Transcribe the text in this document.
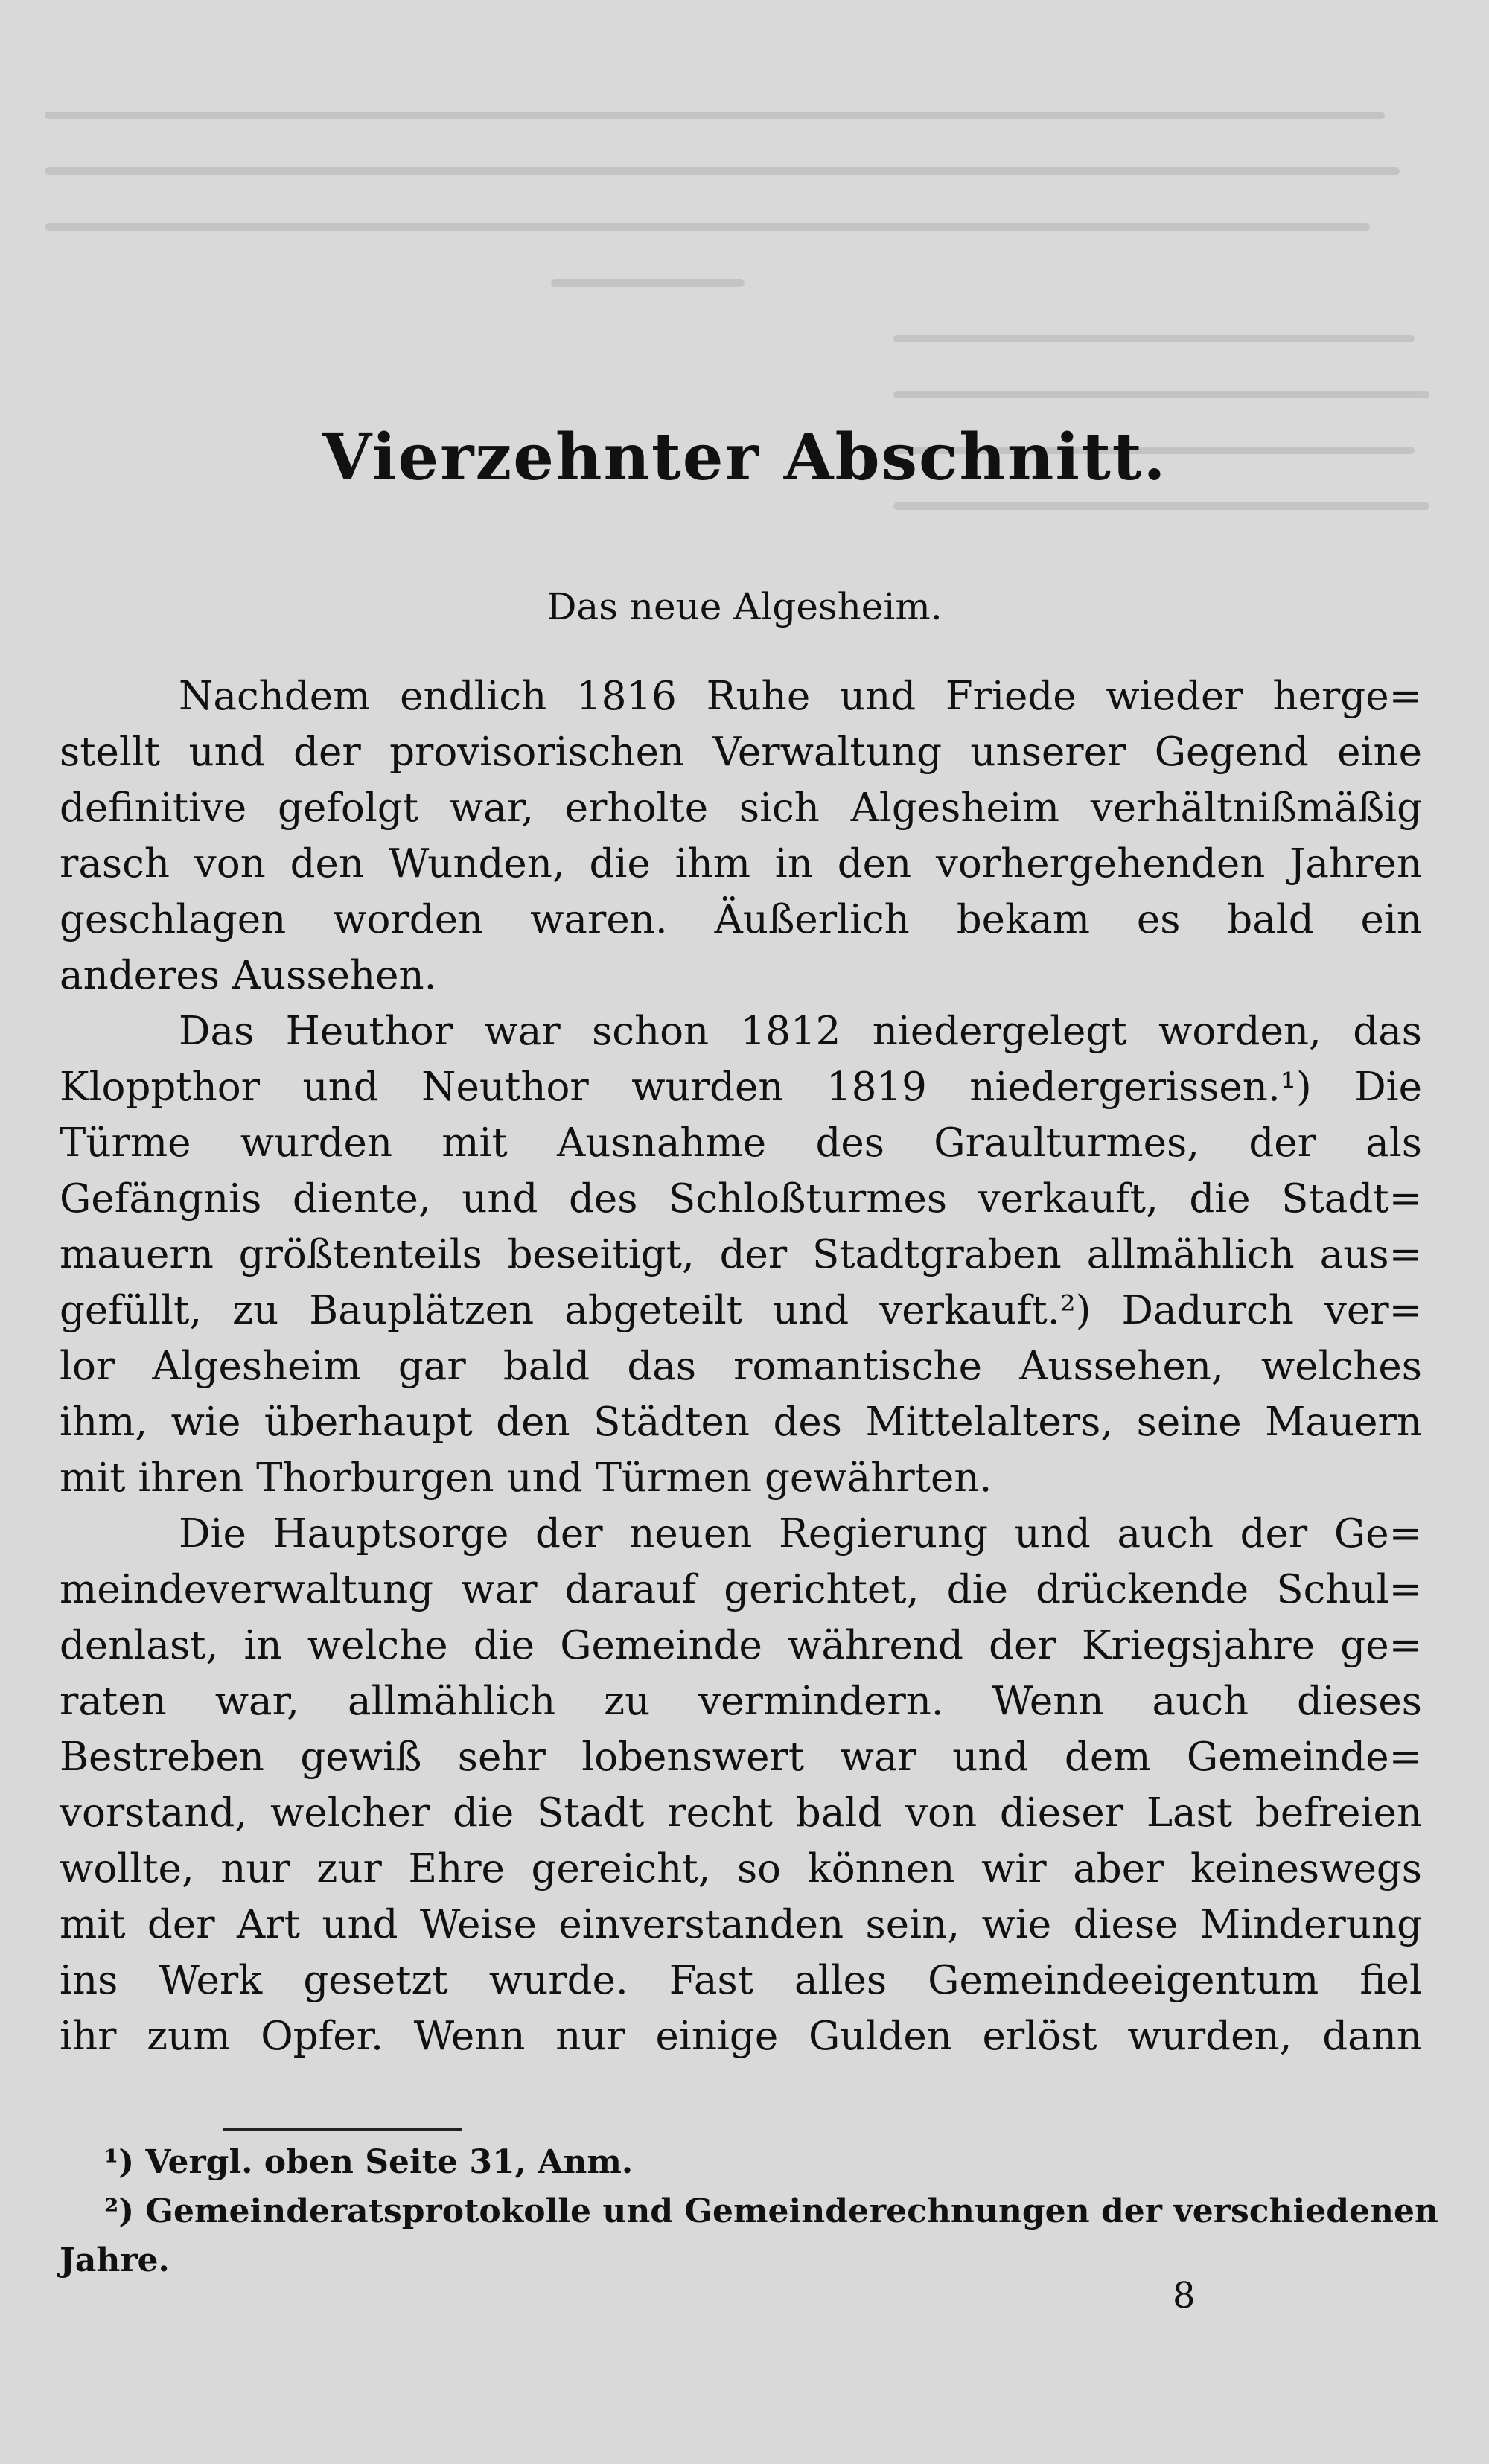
Vierzehnter Abschnitt.
Das neue Algesheim.
Nachdem endlich 1816 Ruhe und Friede wieder herge=
stellt und der provisorischen Verwaltung unserer Gegend eine
definitive gefolgt war, erholte sich Algesheim verhältnißmäßig
rasch von den Wunden, die ihm in den vorhergehenden Jahren
geschlagen worden waren. Äußerlich bekam es bald ein
anderes Aussehen.
Das Heuthor war schon 1812 niedergelegt worden, das
Kloppthor und Neuthor wurden 1819 niedergerissen.¹) Die
Türme wurden mit Ausnahme des Graulturmes, der als
Gefängnis diente, und des Schloßturmes verkauft, die Stadt=
mauern größtenteils beseitigt, der Stadtgraben allmählich aus=
gefüllt, zu Bauplätzen abgeteilt und verkauft.²) Dadurch ver=
lor Algesheim gar bald das romantische Aussehen, welches
ihm, wie überhaupt den Städten des Mittelalters, seine Mauern
mit ihren Thorburgen und Türmen gewährten.
Die Hauptsorge der neuen Regierung und auch der Ge=
meindeverwaltung war darauf gerichtet, die drückende Schul=
denlast, in welche die Gemeinde während der Kriegsjahre ge=
raten war, allmählich zu vermindern. Wenn auch dieses
Bestreben gewiß sehr lobenswert war und dem Gemeinde=
vorstand, welcher die Stadt recht bald von dieser Last befreien
wollte, nur zur Ehre gereicht, so können wir aber keineswegs
mit der Art und Weise einverstanden sein, wie diese Minderung
ins Werk gesetzt wurde. Fast alles Gemeindeeigentum fiel
ihr zum Opfer. Wenn nur einige Gulden erlöst wurden, dann
¹) Vergl. oben Seite 31, Anm.
²) Gemeinderatsprotokolle und Gemeinderechnungen der verschiedenen
Jahre.
8
